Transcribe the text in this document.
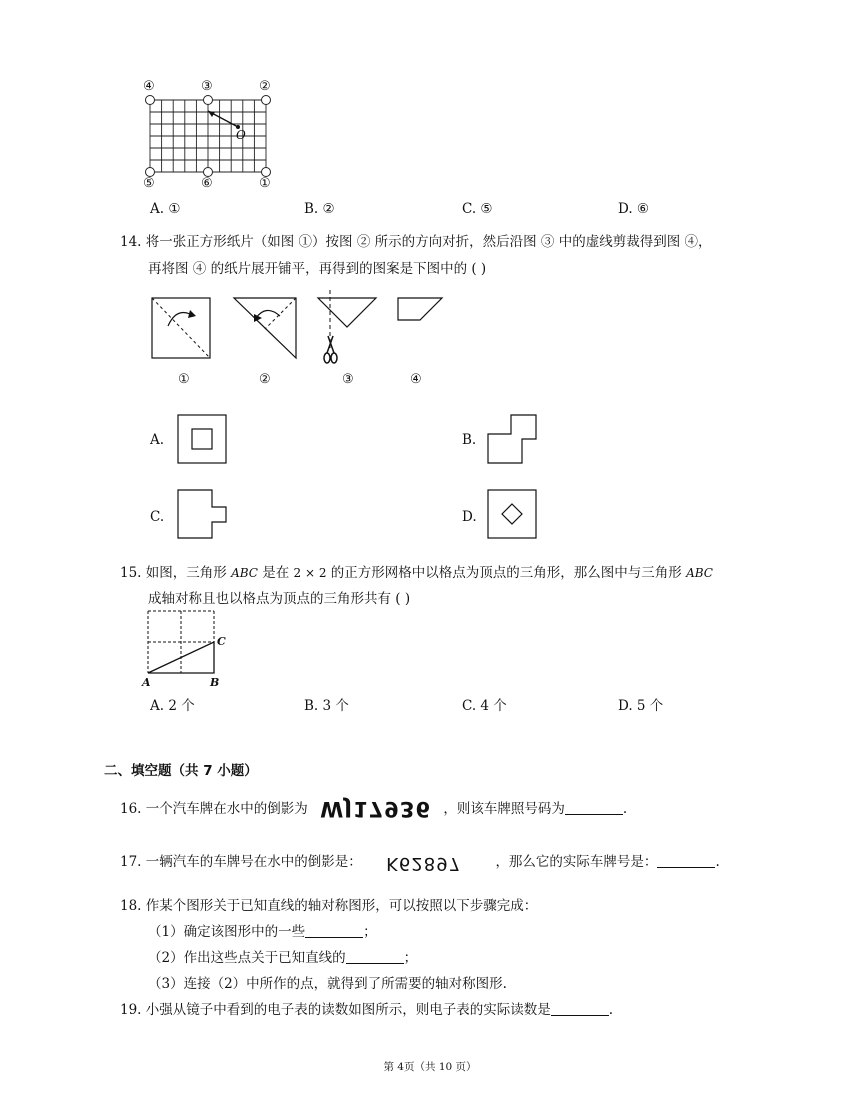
④	③	②
O
⑤	⑥	①
A. ①	B. ②	C. ⑤	D. ⑥
14. 将一张正方形纸片（如图 ①）按图 ② 所示的方向对折，然后沿图 ③ 中的虚线剪裁得到图 ④，
再将图 ④ 的纸片展开铺平，再得到的图案是下图中的 ( )
①	②	③	④
A.	B.
C.	D.
15. 如图，三角形 ABC 是在 2 × 2 的正方形网格中以格点为顶点的三角形，那么图中与三角形 ABC
成轴对称且也以格点为顶点的三角形共有 ( )
C
A	B
A. 2 个	B. 3 个	C. 4 个	D. 5 个
二、填空题（共 7 小题）
16. 一个汽车牌在水中的倒影为 WJ17936 ，则该车牌照号码为	.
17. 一辆汽车的车牌号在水中的倒影是： K62897	，那么它的实际车牌号是：	.
18. 作某个图形关于已知直线的轴对称图形，可以按照以下步骤完成：
（1）确定该图形中的一些	；
（2）作出这些点关于已知直线的	；
（3）连接（2）中所作的点，就得到了所需要的轴对称图形.
19. 小强从镜子中看到的电子表的读数如图所示，则电子表的实际读数是	.
第 4页（共 10 页）
